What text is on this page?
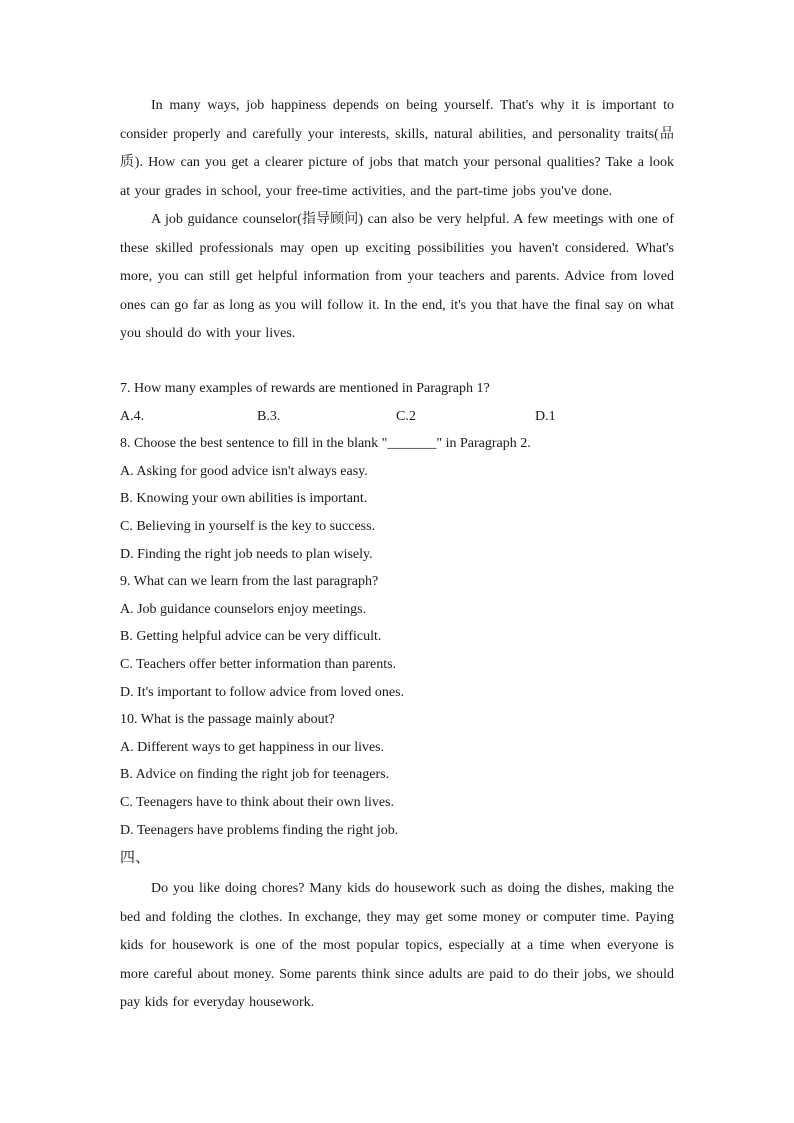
In many ways, job happiness depends on being yourself. That's why it is important to consider properly and carefully your interests, skills, natural abilities, and personality traits(品质). How can you get a clearer picture of jobs that match your personal qualities? Take a look at your grades in school, your free-time activities, and the part-time jobs you've done.

A job guidance counselor(指导顾问) can also be very helpful. A few meetings with one of these skilled professionals may open up exciting possibilities you haven't considered. What's more, you can still get helpful information from your teachers and parents. Advice from loved ones can go far as long as you will follow it. In the end, it's you that have the final say on what you should do with your lives.

7. How many examples of rewards are mentioned in Paragraph 1?
A.4.	B.3.	C.2	D.1
8. Choose the best sentence to fill in the blank "_______" in Paragraph 2.
A. Asking for good advice isn't always easy.
B. Knowing your own abilities is important.
C. Believing in yourself is the key to success.
D. Finding the right job needs to plan wisely.
9. What can we learn from the last paragraph?
A. Job guidance counselors enjoy meetings.
B. Getting helpful advice can be very difficult.
C. Teachers offer better information than parents.
D. It's important to follow advice from loved ones.
10. What is the passage mainly about?
A. Different ways to get happiness in our lives.
B. Advice on finding the right job for teenagers.
C. Teenagers have to think about their own lives.
D. Teenagers have problems finding the right job.
四、

Do you like doing chores? Many kids do housework such as doing the dishes, making the bed and folding the clothes. In exchange, they may get some money or computer time. Paying kids for housework is one of the most popular topics, especially at a time when everyone is more careful about money. Some parents think since adults are paid to do their jobs, we should pay kids for everyday housework.
